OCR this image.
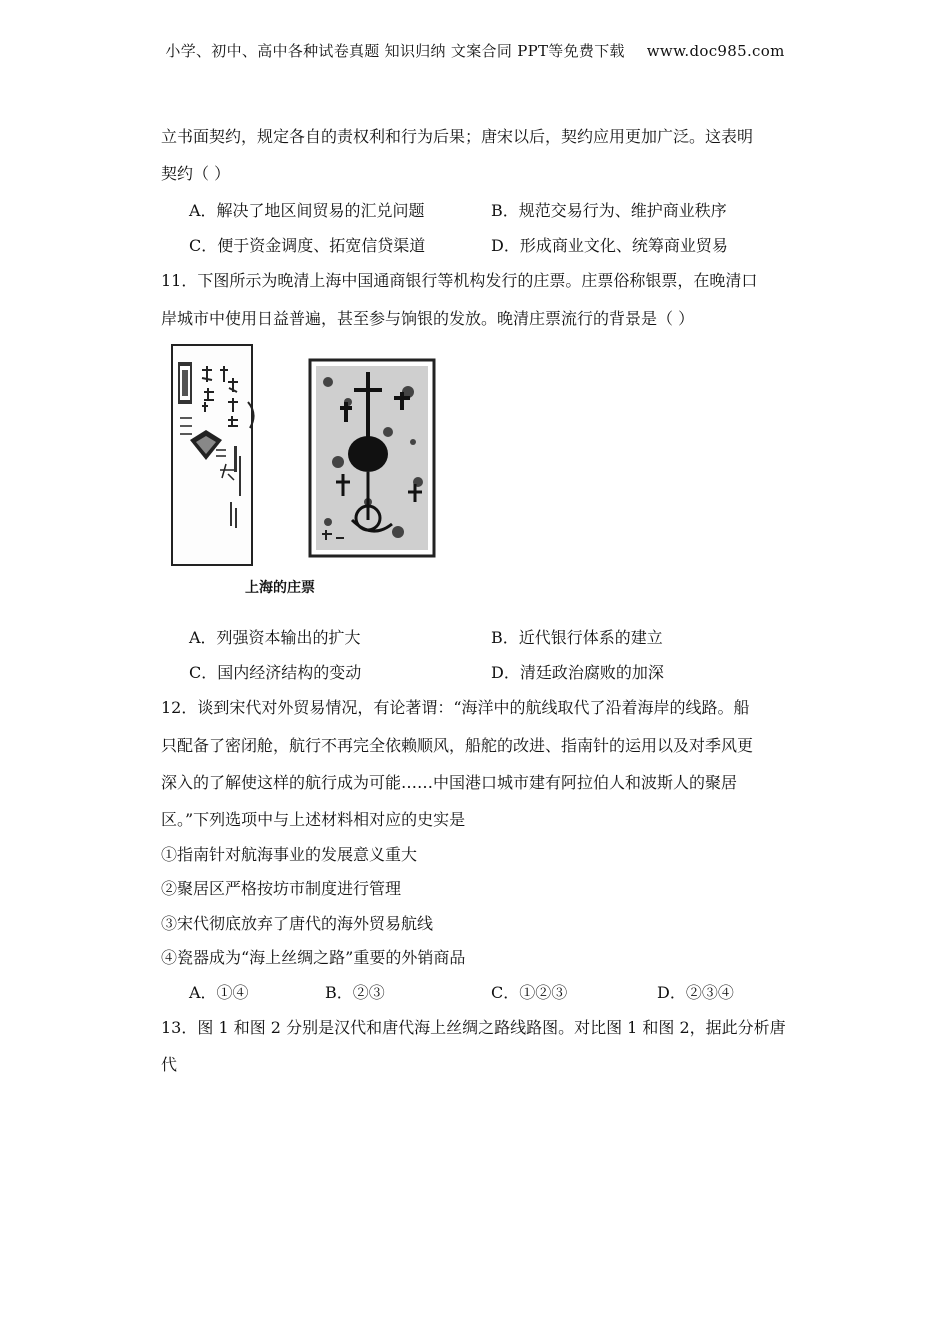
小学、初中、高中各种试卷真题 知识归纳 文案合同 PPT等免费下载 www.doc985.com
立书面契约，规定各自的责权利和行为后果；唐宋以后，契约应用更加广泛。这表明
契约（ ）
A．解决了地区间贸易的汇兑问题	B．规范交易行为、维护商业秩序
C．便于资金调度、拓宽信贷渠道	D．形成商业文化、统筹商业贸易
11．下图所示为晚清上海中国通商银行等机构发行的庄票。庄票俗称银票，在晚清口
岸城市中使用日益普遍，甚至参与饷银的发放。晚清庄票流行的背景是（ ）
上海的庄票
A．列强资本输出的扩大	B．近代银行体系的建立
C．国内经济结构的变动	D．清廷政治腐败的加深
12．谈到宋代对外贸易情况，有论著谓：“海洋中的航线取代了沿着海岸的线路。船
只配备了密闭舱，航行不再完全依赖顺风，船舵的改进、指南针的运用以及对季风更
深入的了解使这样的航行成为可能……中国港口城市建有阿拉伯人和波斯人的聚居
区。”下列选项中与上述材料相对应的史实是
①指南针对航海事业的发展意义重大
②聚居区严格按坊市制度进行管理
③宋代彻底放弃了唐代的海外贸易航线
④瓷器成为“海上丝绸之路”重要的外销商品
A．①④	B．②③	C．①②③	D．②③④
13．图 1 和图 2 分别是汉代和唐代海上丝绸之路线路图。对比图 1 和图 2，据此分析唐
代
